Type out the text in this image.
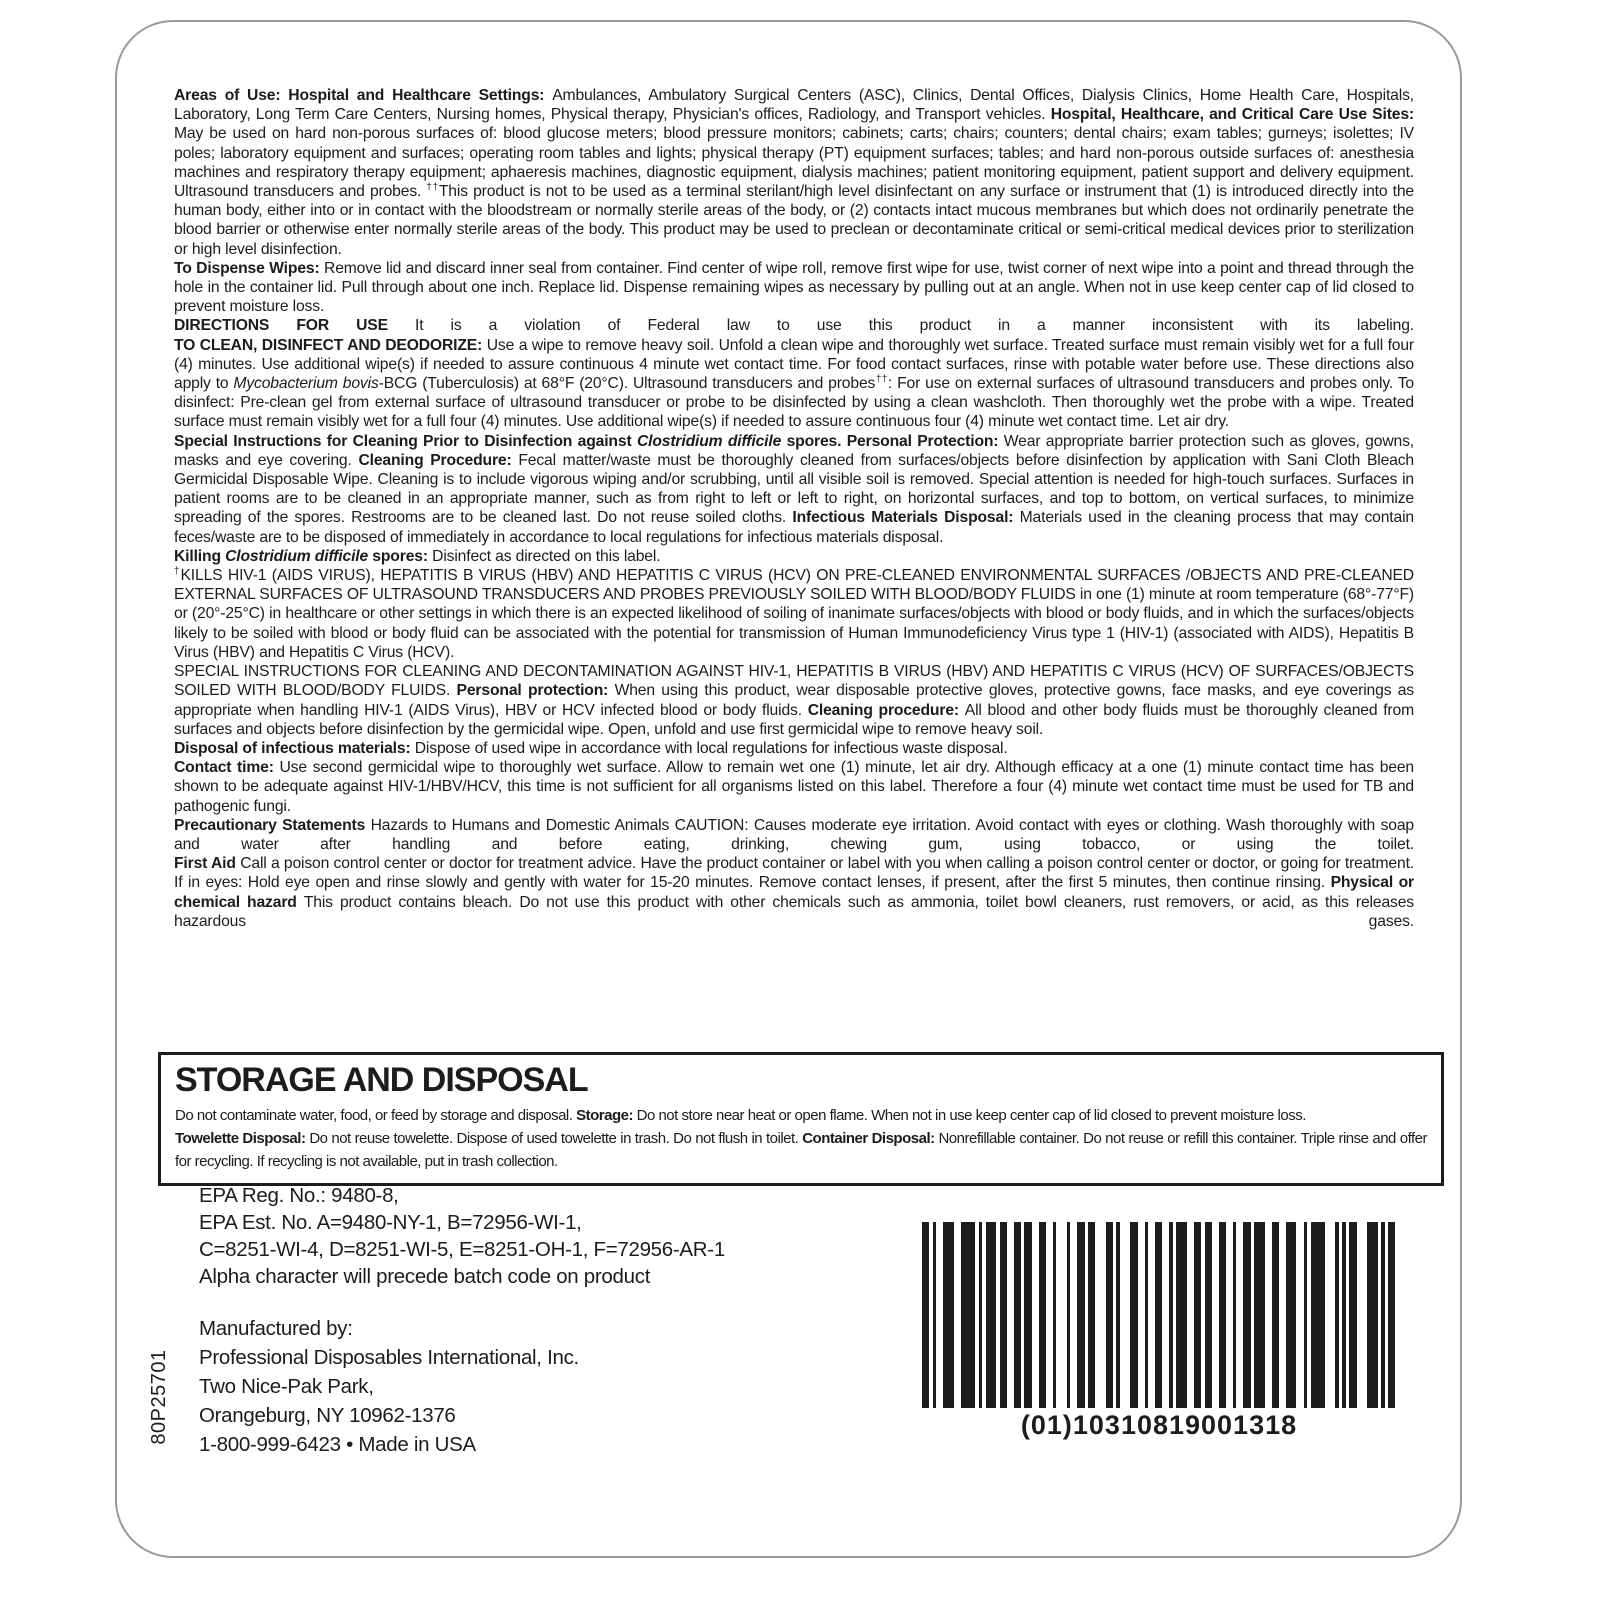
Areas of Use: Hospital and Healthcare Settings: Ambulances, Ambulatory Surgical Centers (ASC), Clinics, Dental Offices, Dialysis Clinics, Home Health Care, Hospitals, Laboratory, Long Term Care Centers, Nursing homes, Physical therapy, Physician's offices, Radiology, and Transport vehicles. Hospital, Healthcare, and Critical Care Use Sites: May be used on hard non-porous surfaces of: blood glucose meters; blood pressure monitors; cabinets; carts; chairs; counters; dental chairs; exam tables; gurneys; isolettes; IV poles; laboratory equipment and surfaces; operating room tables and lights; physical therapy (PT) equipment surfaces; tables; and hard non-porous outside surfaces of: anesthesia machines and respiratory therapy equipment; aphaeresis machines, diagnostic equipment, dialysis machines; patient monitoring equipment, patient support and delivery equipment. Ultrasound transducers and probes. ††This product is not to be used as a terminal sterilant/high level disinfectant on any surface or instrument that (1) is introduced directly into the human body, either into or in contact with the bloodstream or normally sterile areas of the body, or (2) contacts intact mucous membranes but which does not ordinarily penetrate the blood barrier or otherwise enter normally sterile areas of the body. This product may be used to preclean or decontaminate critical or semi-critical medical devices prior to sterilization or high level disinfection.

To Dispense Wipes: Remove lid and discard inner seal from container. Find center of wipe roll, remove first wipe for use, twist corner of next wipe into a point and thread through the hole in the container lid. Pull through about one inch. Replace lid. Dispense remaining wipes as necessary by pulling out at an angle. When not in use keep center cap of lid closed to prevent moisture loss.

DIRECTIONS FOR USE It is a violation of Federal law to use this product in a manner inconsistent with its labeling.

TO CLEAN, DISINFECT AND DEODORIZE: Use a wipe to remove heavy soil. Unfold a clean wipe and thoroughly wet surface. Treated surface must remain visibly wet for a full four (4) minutes. Use additional wipe(s) if needed to assure continuous 4 minute wet contact time. For food contact surfaces, rinse with potable water before use. These directions also apply to Mycobacterium bovis-BCG (Tuberculosis) at 68°F (20°C). Ultrasound transducers and probes††: For use on external surfaces of ultrasound transducers and probes only. To disinfect: Pre-clean gel from external surface of ultrasound transducer or probe to be disinfected by using a clean washcloth. Then thoroughly wet the probe with a wipe. Treated surface must remain visibly wet for a full four (4) minutes. Use additional wipe(s) if needed to assure continuous four (4) minute wet contact time. Let air dry.

Special Instructions for Cleaning Prior to Disinfection against Clostridium difficile spores. Personal Protection: Wear appropriate barrier protection such as gloves, gowns, masks and eye covering. Cleaning Procedure: Fecal matter/waste must be thoroughly cleaned from surfaces/objects before disinfection by application with Sani Cloth Bleach Germicidal Disposable Wipe. Cleaning is to include vigorous wiping and/or scrubbing, until all visible soil is removed. Special attention is needed for high-touch surfaces. Surfaces in patient rooms are to be cleaned in an appropriate manner, such as from right to left or left to right, on horizontal surfaces, and top to bottom, on vertical surfaces, to minimize spreading of the spores. Restrooms are to be cleaned last. Do not reuse soiled cloths. Infectious Materials Disposal: Materials used in the cleaning process that may contain feces/waste are to be disposed of immediately in accordance to local regulations for infectious materials disposal.

Killing Clostridium difficile spores: Disinfect as directed on this label.

†KILLS HIV-1 (AIDS VIRUS), HEPATITIS B VIRUS (HBV) AND HEPATITIS C VIRUS (HCV) ON PRE-CLEANED ENVIRONMENTAL SURFACES /OBJECTS AND PRE-CLEANED EXTERNAL SURFACES OF ULTRASOUND TRANSDUCERS AND PROBES PREVIOUSLY SOILED WITH BLOOD/BODY FLUIDS in one (1) minute at room temperature (68°-77°F) or (20°-25°C) in healthcare or other settings in which there is an expected likelihood of soiling of inanimate surfaces/objects with blood or body fluids, and in which the surfaces/objects likely to be soiled with blood or body fluid can be associated with the potential for transmission of Human Immunodeficiency Virus type 1 (HIV-1) (associated with AIDS), Hepatitis B Virus (HBV) and Hepatitis C Virus (HCV).

SPECIAL INSTRUCTIONS FOR CLEANING AND DECONTAMINATION AGAINST HIV-1, HEPATITIS B VIRUS (HBV) AND HEPATITIS C VIRUS (HCV) OF SURFACES/OBJECTS SOILED WITH BLOOD/BODY FLUIDS. Personal protection: When using this product, wear disposable protective gloves, protective gowns, face masks, and eye coverings as appropriate when handling HIV-1 (AIDS Virus), HBV or HCV infected blood or body fluids. Cleaning procedure: All blood and other body fluids must be thoroughly cleaned from surfaces and objects before disinfection by the germicidal wipe. Open, unfold and use first germicidal wipe to remove heavy soil.

Disposal of infectious materials: Dispose of used wipe in accordance with local regulations for infectious waste disposal.

Contact time: Use second germicidal wipe to thoroughly wet surface. Allow to remain wet one (1) minute, let air dry. Although efficacy at a one (1) minute contact time has been shown to be adequate against HIV-1/HBV/HCV, this time is not sufficient for all organisms listed on this label. Therefore a four (4) minute wet contact time must be used for TB and pathogenic fungi.

Precautionary Statements Hazards to Humans and Domestic Animals CAUTION: Causes moderate eye irritation. Avoid contact with eyes or clothing. Wash thoroughly with soap and water after handling and before eating, drinking, chewing gum, using tobacco, or using the toilet.

First Aid Call a poison control center or doctor for treatment advice. Have the product container or label with you when calling a poison control center or doctor, or going for treatment. If in eyes: Hold eye open and rinse slowly and gently with water for 15-20 minutes. Remove contact lenses, if present, after the first 5 minutes, then continue rinsing. Physical or chemical hazard This product contains bleach. Do not use this product with other chemicals such as ammonia, toilet bowl cleaners, rust removers, or acid, as this releases hazardous gases.

STORAGE AND DISPOSAL

Do not contaminate water, food, or feed by storage and disposal. Storage: Do not store near heat or open flame. When not in use keep center cap of lid closed to prevent moisture loss.

Towelette Disposal: Do not reuse towelette. Dispose of used towelette in trash. Do not flush in toilet. Container Disposal: Nonrefillable container. Do not reuse or refill this container. Triple rinse and offer for recycling. If recycling is not available, put in trash collection.

EPA Reg. No.: 9480-8,
EPA Est. No. A=9480-NY-1, B=72956-WI-1,
C=8251-WI-4, D=8251-WI-5, E=8251-OH-1, F=72956-AR-1
Alpha character will precede batch code on product
Manufactured by:
Professional Disposables International, Inc.
Two Nice-Pak Park,
Orangeburg, NY 10962-1376
1-800-999-6423 • Made in USA
80P25701	(01)10310819001318
